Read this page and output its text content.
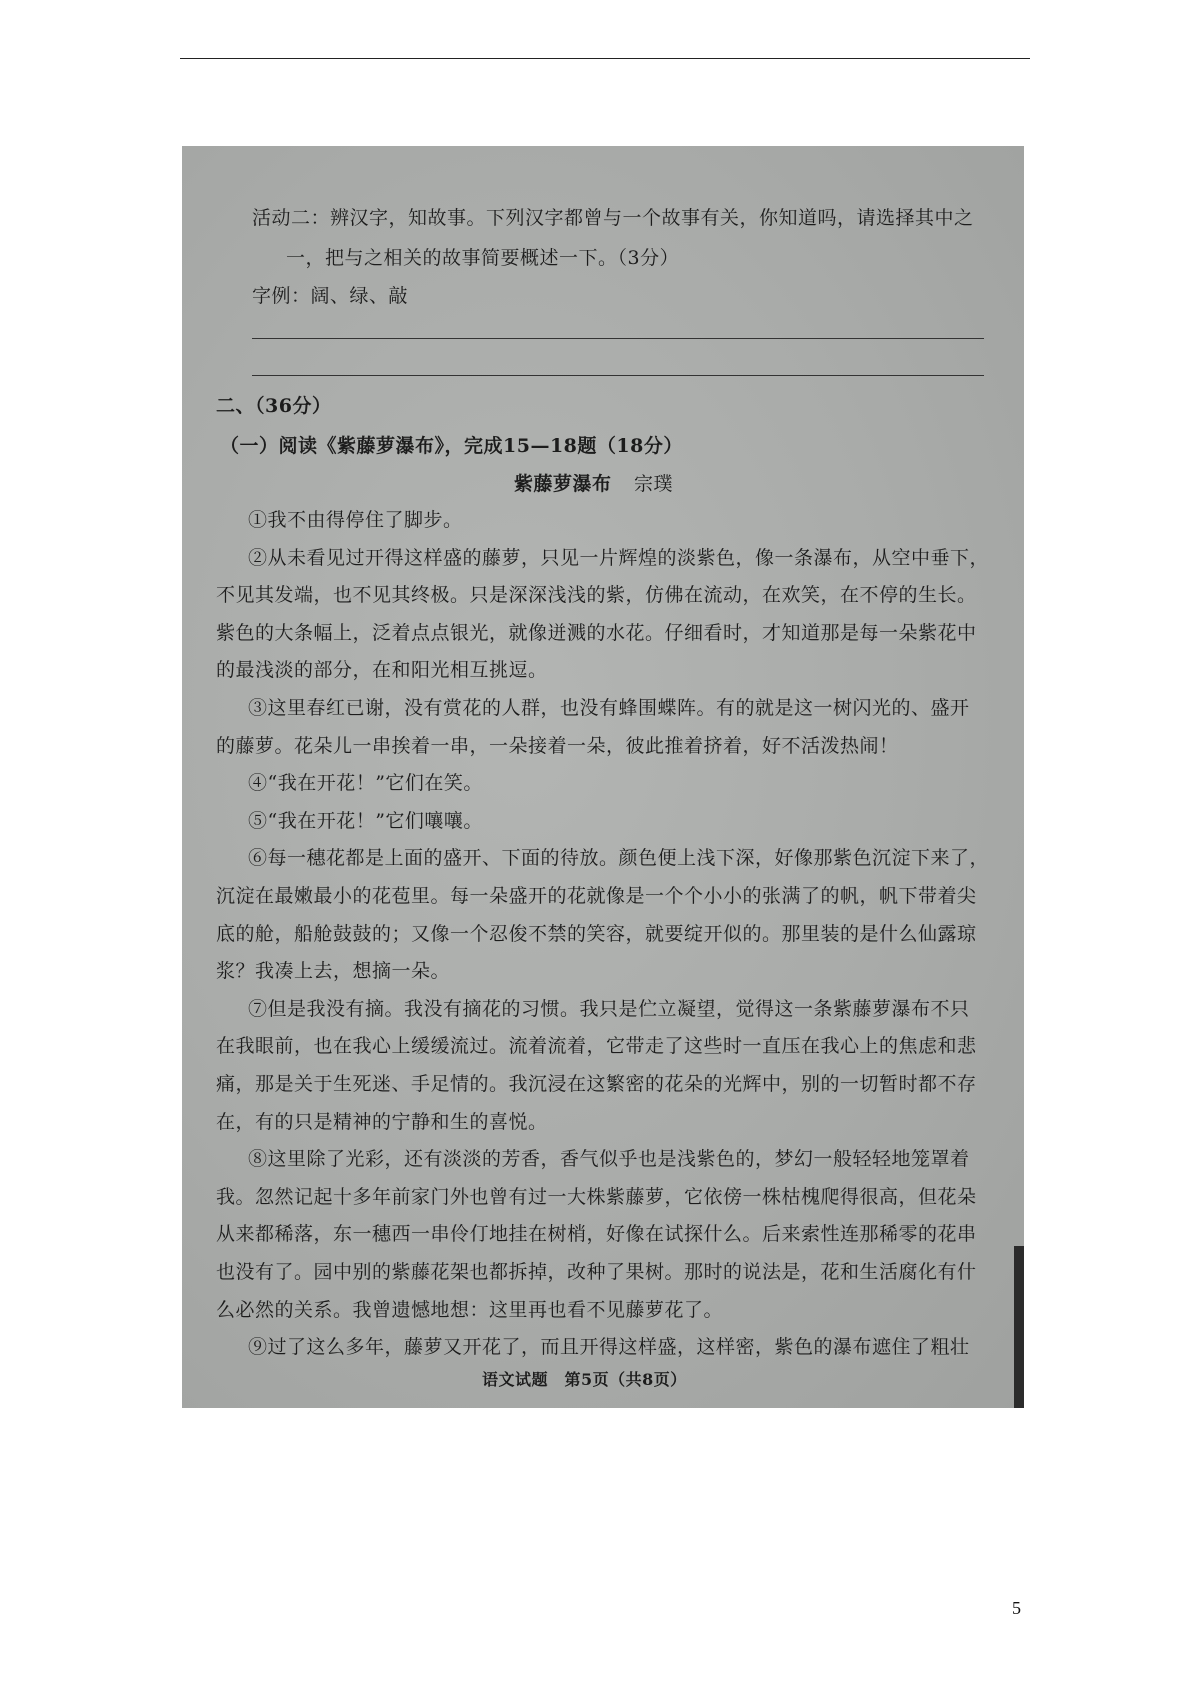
活动二：辨汉字，知故事。下列汉字都曾与一个故事有关，你知道吗，请选择其中之
一，把与之相关的故事简要概述一下。（3分）
字例：阔、绿、敲
二、（36分）
（一）阅读《紫藤萝瀑布》，完成15—18题（18分）
紫藤萝瀑布 宗璞
①我不由得停住了脚步。
②从未看见过开得这样盛的藤萝，只见一片辉煌的淡紫色，像一条瀑布，从空中垂下，
不见其发端，也不见其终极。只是深深浅浅的紫，仿佛在流动，在欢笑，在不停的生长。
紫色的大条幅上，泛着点点银光，就像迸溅的水花。仔细看时，才知道那是每一朵紫花中
的最浅淡的部分，在和阳光相互挑逗。
③这里春红已谢，没有赏花的人群，也没有蜂围蝶阵。有的就是这一树闪光的、盛开
的藤萝。花朵儿一串挨着一串，一朵接着一朵，彼此推着挤着，好不活泼热闹！
④“我在开花！”它们在笑。
⑤“我在开花！”它们嚷嚷。
⑥每一穗花都是上面的盛开、下面的待放。颜色便上浅下深，好像那紫色沉淀下来了，
沉淀在最嫩最小的花苞里。每一朵盛开的花就像是一个个小小的张满了的帆，帆下带着尖
底的舱，船舱鼓鼓的；又像一个忍俊不禁的笑容，就要绽开似的。那里装的是什么仙露琼
浆？我凑上去，想摘一朵。
⑦但是我没有摘。我没有摘花的习惯。我只是伫立凝望，觉得这一条紫藤萝瀑布不只
在我眼前，也在我心上缓缓流过。流着流着，它带走了这些时一直压在我心上的焦虑和悲
痛，那是关于生死迷、手足情的。我沉浸在这繁密的花朵的光辉中，别的一切暂时都不存
在，有的只是精神的宁静和生的喜悦。
⑧这里除了光彩，还有淡淡的芳香，香气似乎也是浅紫色的，梦幻一般轻轻地笼罩着
我。忽然记起十多年前家门外也曾有过一大株紫藤萝，它依傍一株枯槐爬得很高，但花朵
从来都稀落，东一穗西一串伶仃地挂在树梢，好像在试探什么。后来索性连那稀零的花串
也没有了。园中别的紫藤花架也都拆掉，改种了果树。那时的说法是，花和生活腐化有什
么必然的关系。我曾遗憾地想：这里再也看不见藤萝花了。
⑨过了这么多年，藤萝又开花了，而且开得这样盛，这样密，紫色的瀑布遮住了粗壮
语文试题　第5页（共8页）
5
